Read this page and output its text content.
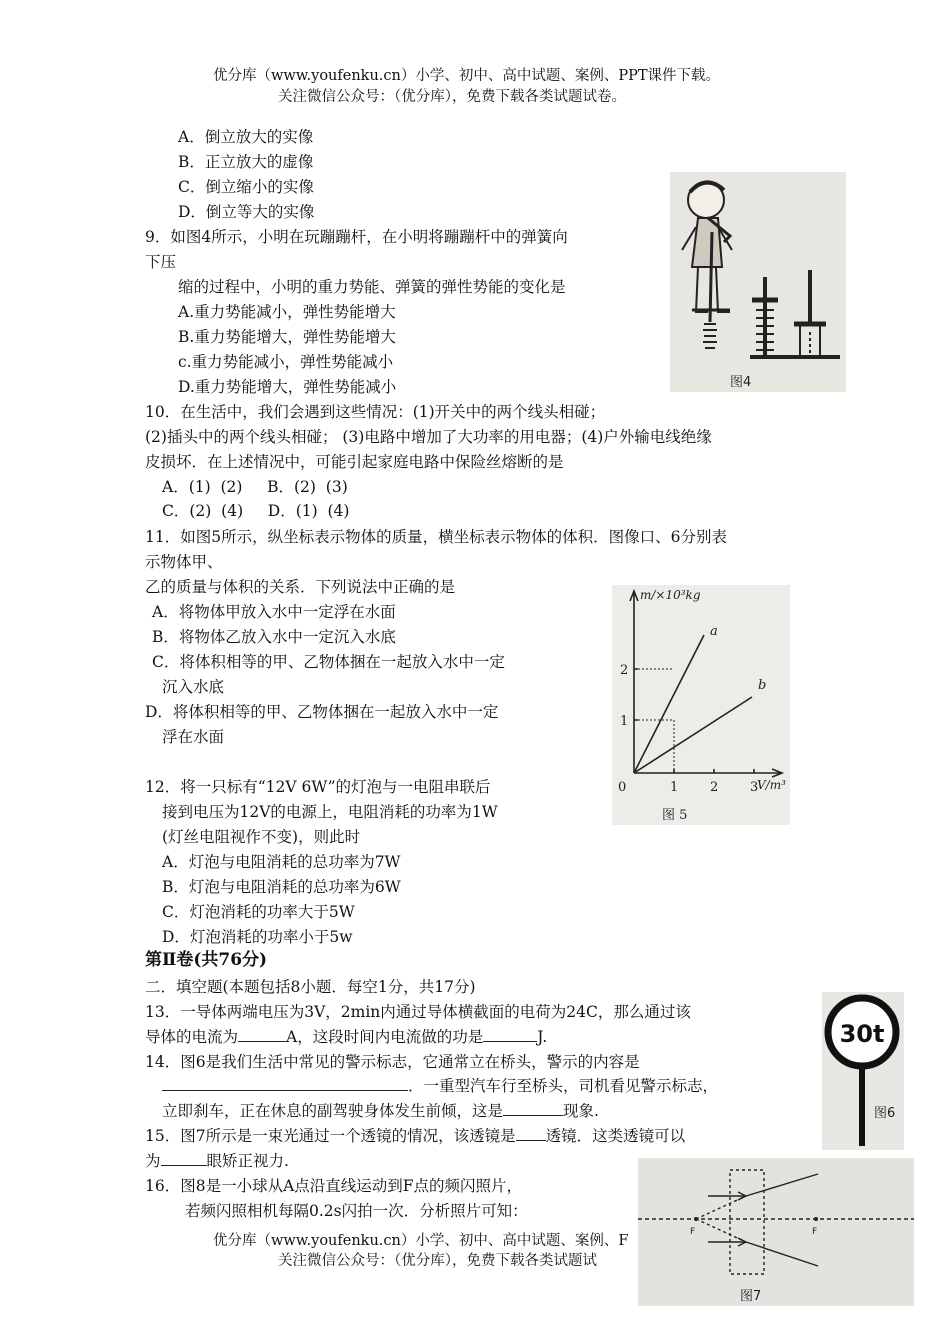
优分库（www.youfenku.cn）小学、初中、高中试题、案例、PPT课件下载。
关注微信公众号：（优分库），免费下载各类试题试卷。
A．倒立放大的实像
B．正立放大的虚像
C．倒立缩小的实像
D．倒立等大的实像
9．如图4所示，小明在玩蹦蹦杆，在小明将蹦蹦杆中的弹簧向
下压
缩的过程中，小明的重力势能、弹簧的弹性势能的变化是
A.重力势能减小，弹性势能增大
B.重力势能增大，弹性势能增大
c.重力势能减小，弹性势能减小
D.重力势能增大，弹性势能减小	图4
10．在生活中，我们会遇到这些情况：(1)开关中的两个线头相碰；
(2)插头中的两个线头相碰； (3)电路中增加了大功率的用电器；(4)户外输电线绝缘
皮损坏．在上述情况中，可能引起家庭电路中保险丝熔断的是
A．(1)  (2)     B．(2)  (3)
C．(2)  (4)     D．(1)  (4)
11．如图5所示，纵坐标表示物体的质量，横坐标表示物体的体积．图像口、6分别表
示物体甲、
乙的质量与体积的关系．下列说法中正确的是
A．将物体甲放入水中一定浮在水面
B．将物体乙放入水中一定沉入水底
C．将体积相等的甲、乙物体捆在一起放入水中一定
沉入水底
D．将体积相等的甲、乙物体捆在一起放入水中一定
浮在水面
m/×10³kg
V/m³
0	1 2 3
1
2
a
b
图 5
12．将一只标有“12V 6W”的灯泡与一电阻串联后
接到电压为12V的电源上，电阻消耗的功率为1W
(灯丝电阻视作不变)，则此时
A．灯泡与电阻消耗的总功率为7W
B．灯泡与电阻消耗的总功率为6W
C．灯泡消耗的功率大于5W
D．灯泡消耗的功率小于5w
第Ⅱ卷(共76分)
二．填空题(本题包括8小题．每空1分，共17分)
13．一导体两端电压为3V，2min内通过导体横截面的电荷为24C，那么通过该
导体的电流为	A，这段时间内电流做的功是	J.
14．图6是我们生活中常见的警示标志，它通常立在桥头，警示的内容是
．一重型汽车行至桥头，司机看见警示标志，
立即刹车，正在休息的副驾驶身体发生前倾，这是	现象.
30t
图6
15．图7所示是一束光通过一个透镜的情况，该透镜是 透镜．这类透镜可以
为	眼矫正视力.
16．图8是一小球从A点沿直线运动到F点的频闪照片，
若频闪照相机每隔0.2s闪拍一次．分析照片可知：
优分库（www.youfenku.cn）小学、初中、高中试题、案例、F
关注微信公众号：（优分库），免费下载各类试题试
F	F
图7
